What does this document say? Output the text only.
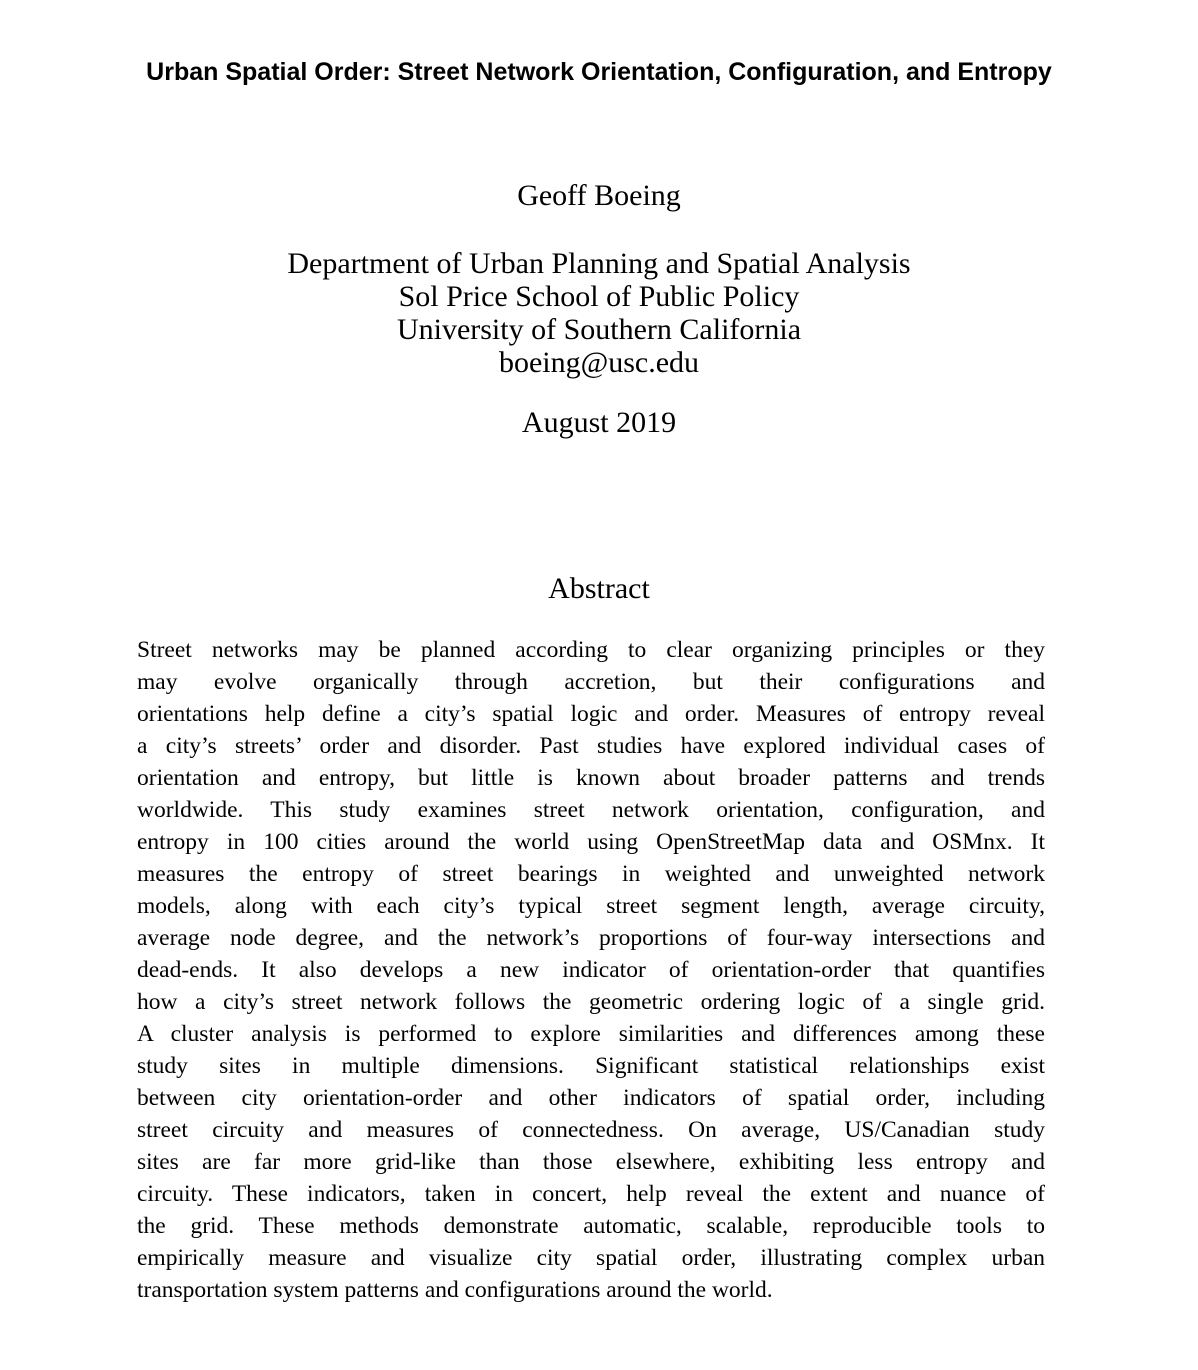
Urban Spatial Order: Street Network Orientation, Configuration, and Entropy
Geoff Boeing
Department of Urban Planning and Spatial Analysis
Sol Price School of Public Policy
University of Southern California
boeing@usc.edu
August 2019
Abstract
Street networks may be planned according to clear organizing principles or they
may evolve organically through accretion, but their configurations and
orientations help define a city’s spatial logic and order. Measures of entropy reveal
a city’s streets’ order and disorder. Past studies have explored individual cases of
orientation and entropy, but little is known about broader patterns and trends
worldwide. This study examines street network orientation, configuration, and
entropy in 100 cities around the world using OpenStreetMap data and OSMnx. It
measures the entropy of street bearings in weighted and unweighted network
models, along with each city’s typical street segment length, average circuity,
average node degree, and the network’s proportions of four-way intersections and
dead-ends. It also develops a new indicator of orientation-order that quantifies
how a city’s street network follows the geometric ordering logic of a single grid.
A cluster analysis is performed to explore similarities and differences among these
study sites in multiple dimensions. Significant statistical relationships exist
between city orientation-order and other indicators of spatial order, including
street circuity and measures of connectedness. On average, US/Canadian study
sites are far more grid-like than those elsewhere, exhibiting less entropy and
circuity. These indicators, taken in concert, help reveal the extent and nuance of
the grid. These methods demonstrate automatic, scalable, reproducible tools to
empirically measure and visualize city spatial order, illustrating complex urban
transportation system patterns and configurations around the world.
